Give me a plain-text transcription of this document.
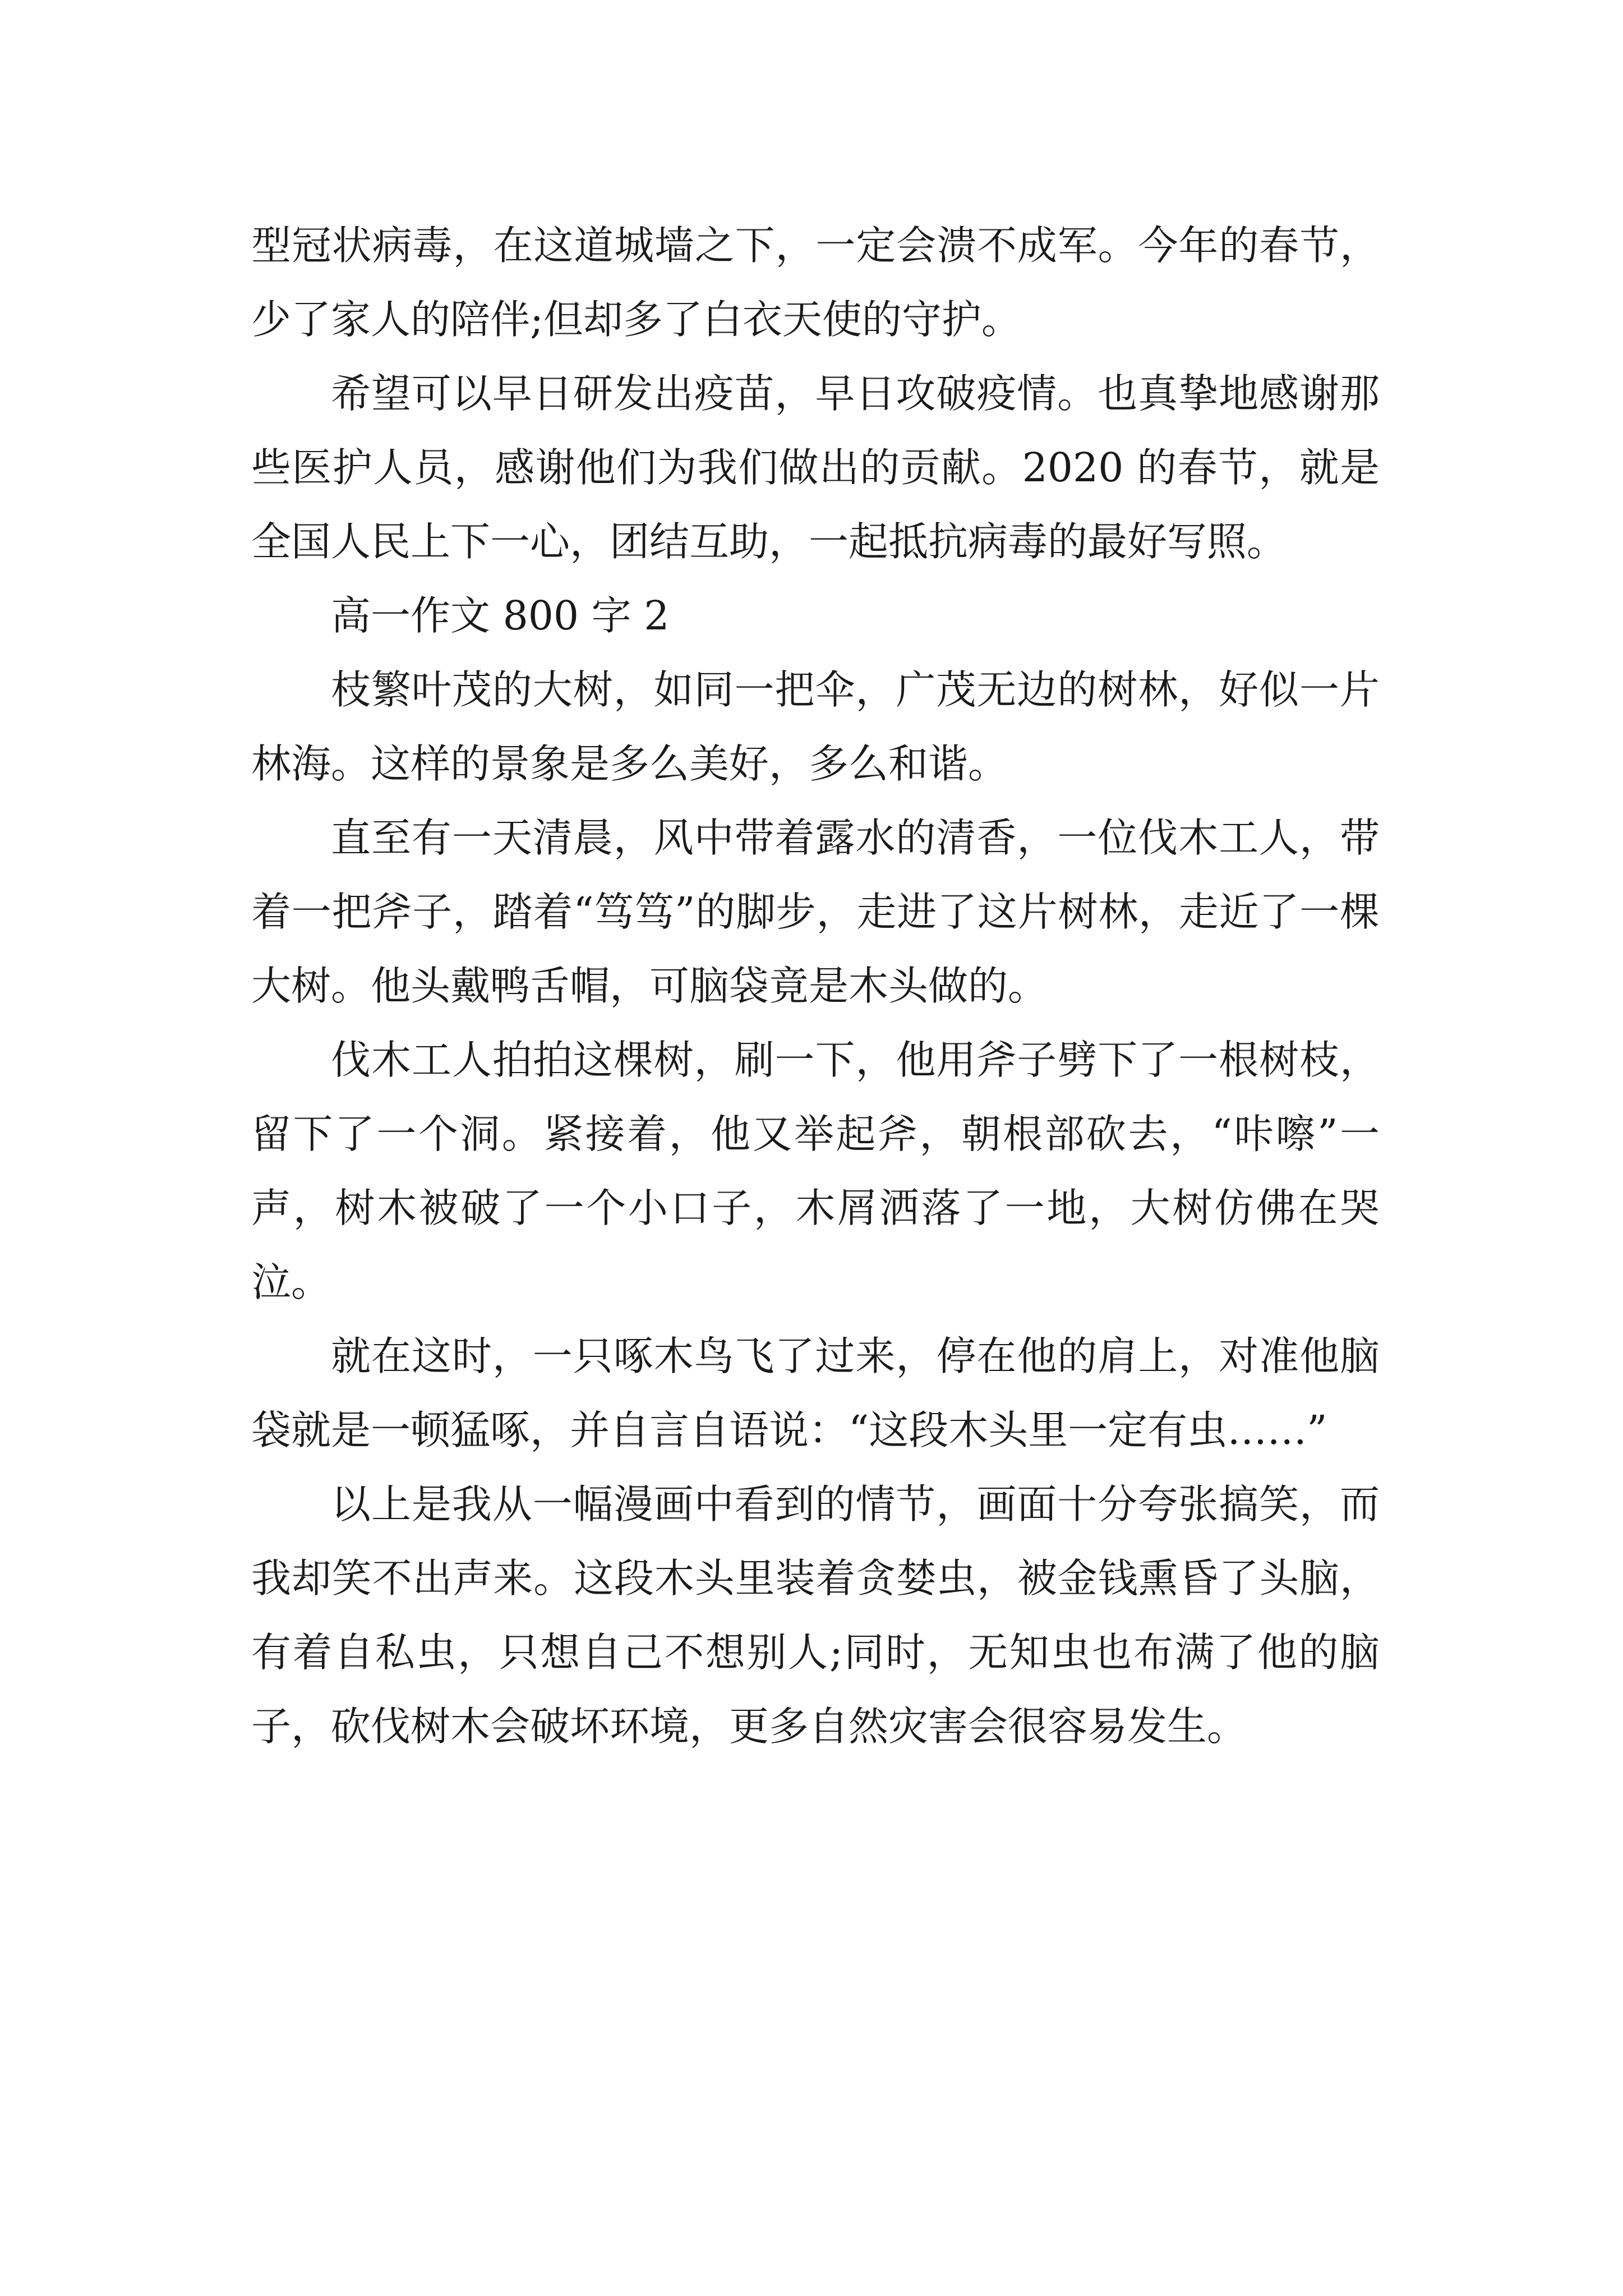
型冠状病毒，在这道城墙之下，一定会溃不成军。今年的春节，少了家人的陪伴;但却多了白衣天使的守护。

希望可以早日研发出疫苗，早日攻破疫情。也真挚地感谢那些医护人员，感谢他们为我们做出的贡献。2020 的春节，就是全国人民上下一心，团结互助，一起抵抗病毒的最好写照。

高一作文 800 字 2

枝繁叶茂的大树，如同一把伞，广茂无边的树林，好似一片林海。这样的景象是多么美好，多么和谐。

直至有一天清晨，风中带着露水的清香，一位伐木工人，带着一把斧子，踏着“笃笃”的脚步，走进了这片树林，走近了一棵大树。他头戴鸭舌帽，可脑袋竟是木头做的。

伐木工人拍拍这棵树，刷一下，他用斧子劈下了一根树枝，留下了一个洞。紧接着，他又举起斧，朝根部砍去，“咔嚓”一声，树木被破了一个小口子，木屑洒落了一地，大树仿佛在哭泣。

就在这时，一只啄木鸟飞了过来，停在他的肩上，对准他脑袋就是一顿猛啄，并自言自语说：“这段木头里一定有虫……”

以上是我从一幅漫画中看到的情节，画面十分夸张搞笑，而我却笑不出声来。这段木头里装着贪婪虫，被金钱熏昏了头脑，有着自私虫，只想自己不想别人;同时，无知虫也布满了他的脑子，砍伐树木会破坏环境，更多自然灾害会很容易发生。
